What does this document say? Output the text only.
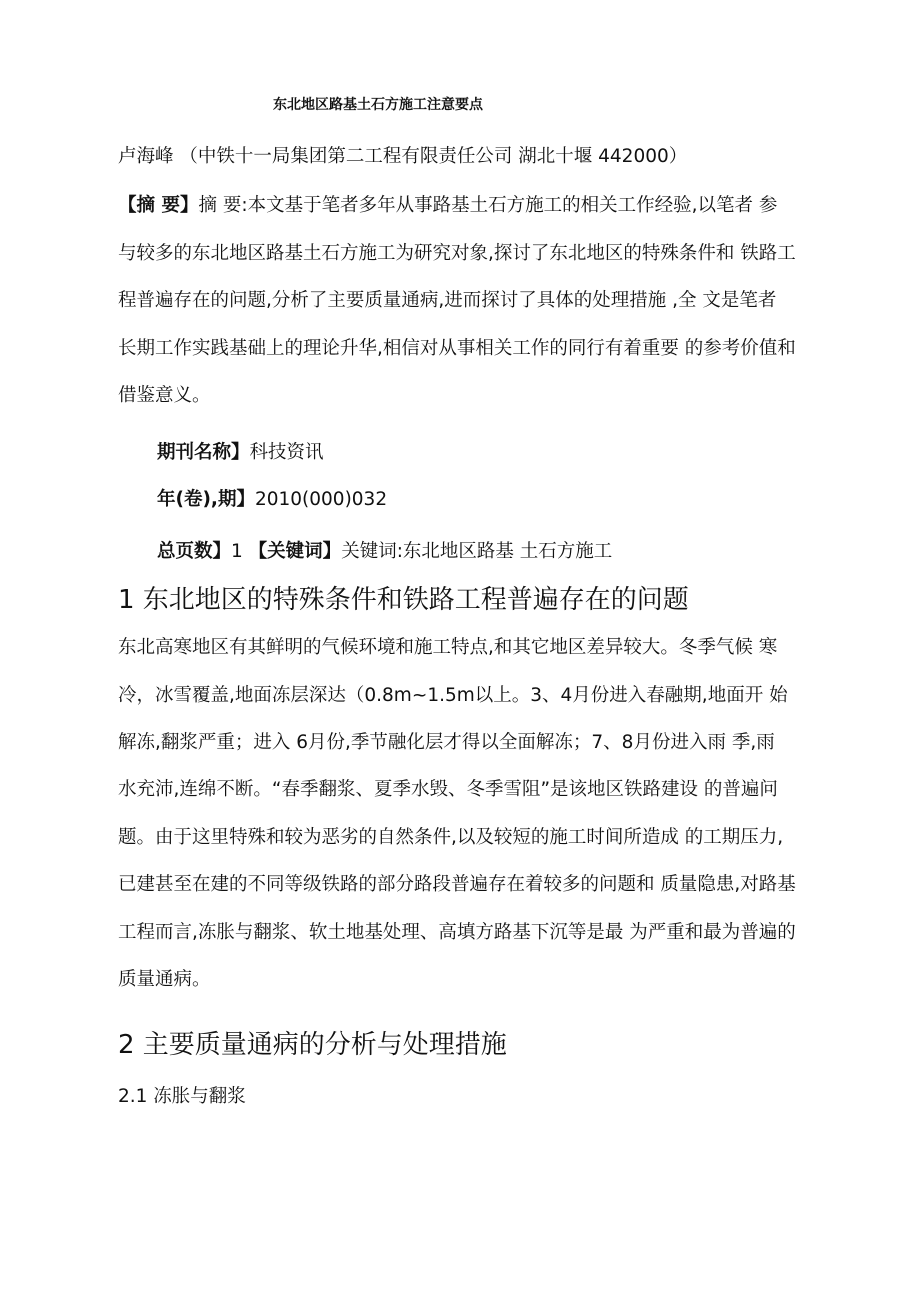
东北地区路基土石方施工注意要点
卢海峰 （中铁十一局集团第二工程有限责任公司 湖北十堰 442000）
【摘 要】摘 要:本文基于笔者多年从事路基土石方施工的相关工作经验,以笔者 参
与较多的东北地区路基土石方施工为研究对象,探讨了东北地区的特殊条件和 铁路工
程普遍存在的问题,分析了主要质量通病,进而探讨了具体的处理措施 ,全 文是笔者
长期工作实践基础上的理论升华,相信对从事相关工作的同行有着重要 的参考价值和
借鉴意义。
期刊名称】科技资讯
年(卷),期】2010(000)032
总页数】1 【关键词】关键词:东北地区路基 土石方施工
1 东北地区的特殊条件和铁路工程普遍存在的问题
东北高寒地区有其鲜明的气候环境和施工特点,和其它地区差异较大。冬季气候 寒
冷，冰雪覆盖,地面冻层深达（0.8m~1.5m以上。3、4月份进入春融期,地面开 始
解冻,翻浆严重；进入 6月份,季节融化层才得以全面解冻；7、8月份进入雨 季,雨
水充沛,连绵不断。“春季翻浆、夏季水毁、冬季雪阻”是该地区铁路建设 的普遍问
题。由于这里特殊和较为恶劣的自然条件,以及较短的施工时间所造成 的工期压力,
已建甚至在建的不同等级铁路的部分路段普遍存在着较多的问题和 质量隐患,对路基
工程而言,冻胀与翻浆、软土地基处理、高填方路基下沉等是最 为严重和最为普遍的
质量通病。
2 主要质量通病的分析与处理措施
2.1 冻胀与翻浆
